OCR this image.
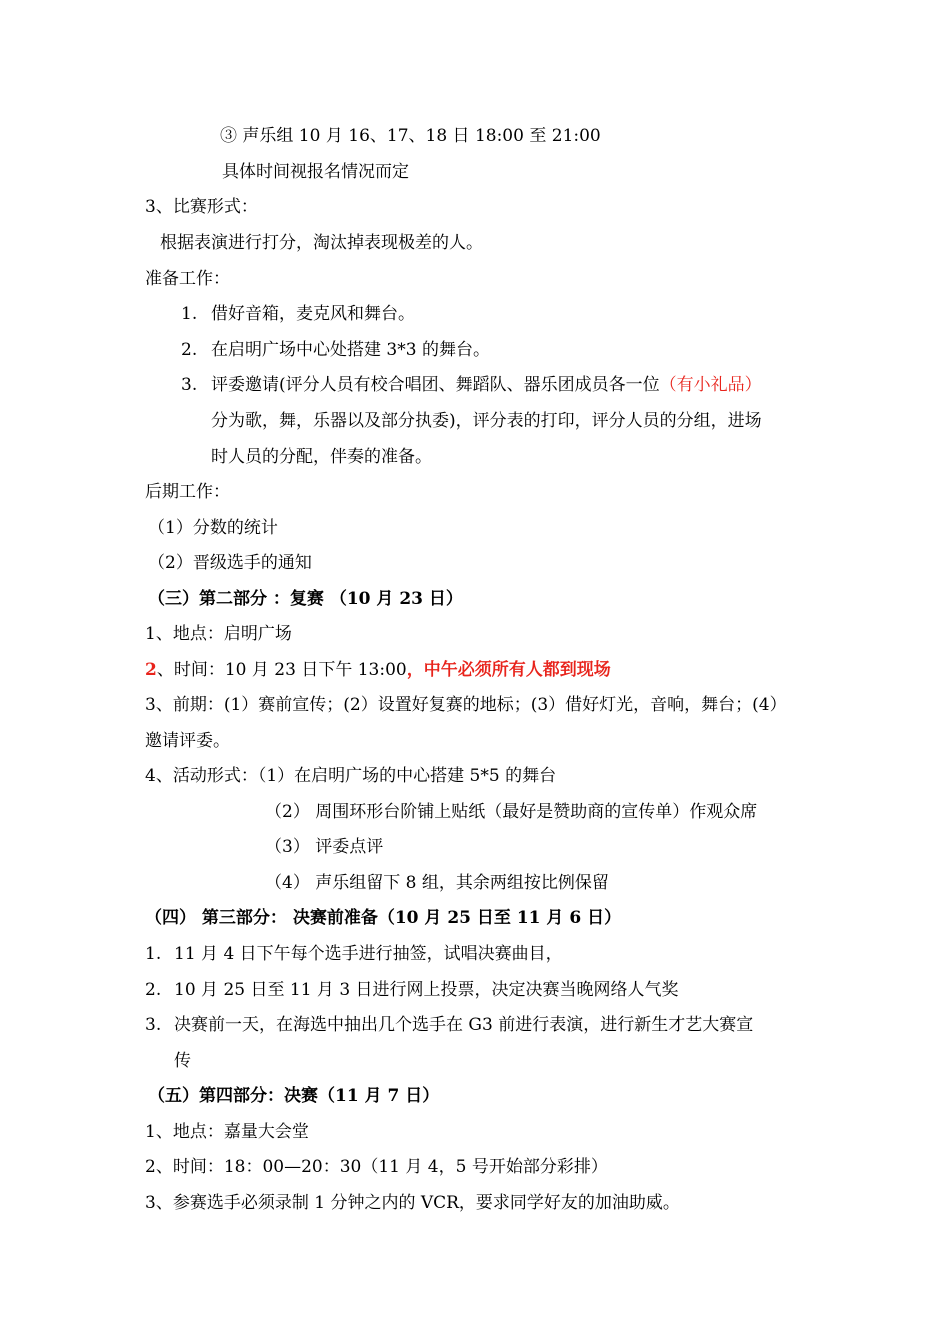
③ 声乐组 10 月 16、17、18 日 18:00 至 21:00
具体时间视报名情况而定
3、比赛形式：
根据表演进行打分，淘汰掉表现极差的人。
准备工作：
1. 借好音箱，麦克风和舞台。
2. 在启明广场中心处搭建 3*3 的舞台。
3. 评委邀请(评分人员有校合唱团、舞蹈队、器乐团成员各一位（有小礼品）
分为歌，舞，乐器以及部分执委)，评分表的打印，评分人员的分组，进场
时人员的分配，伴奏的准备。
后期工作：
（1）分数的统计
（2）晋级选手的通知
（三）第二部分 ：复赛 （10 月 23 日）
1、地点：启明广场
2、时间：10 月 23 日下午 13:00，中午必须所有人都到现场
3、前期：(1）赛前宣传；(2）设置好复赛的地标；(3）借好灯光，音响，舞台；(4）
邀请评委。
4、活动形式：（1）在启明广场的中心搭建 5*5 的舞台
（2） 周围环形台阶铺上贴纸（最好是赞助商的宣传单）作观众席
（3） 评委点评
（4） 声乐组留下 8 组，其余两组按比例保留
（四） 第三部分： 决赛前准备（10 月 25 日至 11 月 6 日）
1. 11 月 4 日下午每个选手进行抽签，试唱决赛曲目，
2. 10 月 25 日至 11 月 3 日进行网上投票，决定决赛当晚网络人气奖
3. 决赛前一天，在海选中抽出几个选手在 G3 前进行表演，进行新生才艺大赛宣
传
（五）第四部分：决赛（11 月 7 日）
1、地点：嘉量大会堂
2、时间：18：00—20：30（11 月 4，5 号开始部分彩排）
3、参赛选手必须录制 1 分钟之内的 VCR，要求同学好友的加油助威。
